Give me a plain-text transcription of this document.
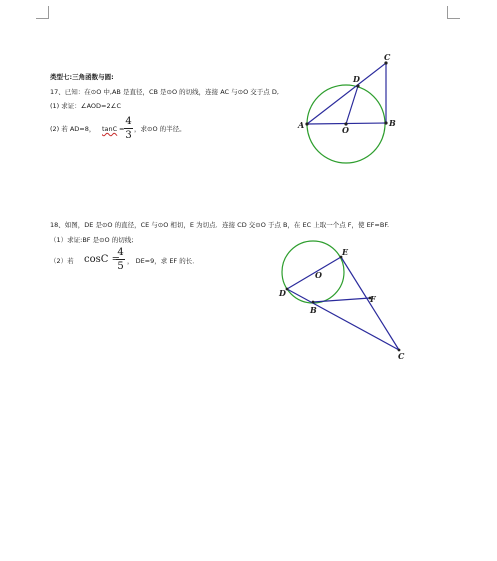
类型七:三角函数与圆:
17、已知：在⊙O 中,AB 是直径，CB 是⊙O 的切线，连接 AC 与⊙O 交于点 D,
(1) 求证：∠AOD=2∠C
(2) 若 AD=8， tanC =
4
3
，求⊙O 的半径。
18、如图，DE 是⊙O 的直径，CE 与⊙O 相切，E 为切点．连接 CD 交⊙O 于点 B，在 EC 上取一个点 F，使 EF=BF.
（1）求证:BF 是⊙O 的切线;
（2）若 cosC =
4
5 ， DE=9，求 EF 的长．
A	O
B
D
C
E
O
D
F
B
C
